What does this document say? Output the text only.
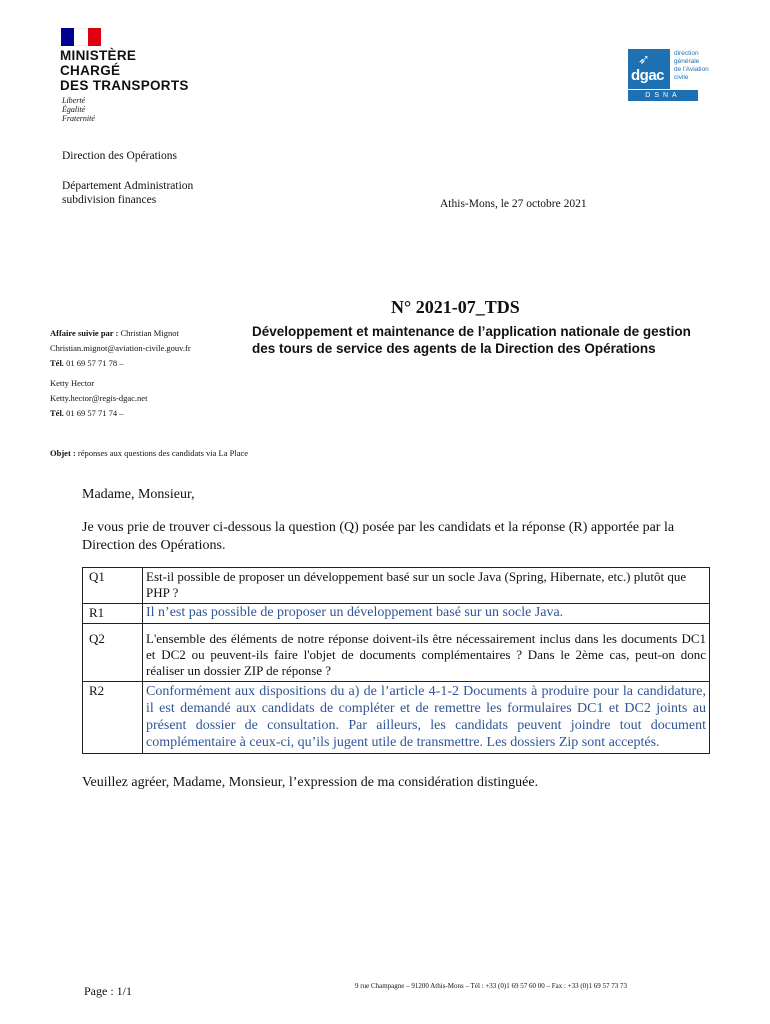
MINISTÈRE
CHARGÉ
DES TRANSPORTS
Liberté
Égalité
Fraternité
➶
dgac
direction
générale
de l'Aviation
civile
DSNA
Direction des Opérations
Département Administration
subdivision finances	Athis-Mons, le 27 octobre 2021
N° 2021-07_TDS
Développement et maintenance de l’application nationale de gestion des tours de service des agents de la Direction des Opérations
Affaire suivie par : Christian Mignot
Christian.mignot@aviation-civile.gouv.fr
Tél. 01 69 57 71 78 –
Ketty Hector
Ketty.hector@regis-dgac.net
Tél. 01 69 57 71 74 –
Objet : réponses aux questions des candidats via La Place
Madame, Monsieur,
Je vous prie de trouver ci-dessous la question (Q) posée par les candidats et la réponse (R) apportée par la Direction des Opérations.
Q1	Est-il possible de proposer un développement basé sur un socle Java (Spring, Hibernate, etc.) plutôt que PHP ?
R1	Il n’est pas possible de proposer un développement basé sur un socle Java.
Q2	L'ensemble des éléments de notre réponse doivent-ils être nécessairement inclus dans les documents DC1 et DC2 ou peuvent-ils faire l'objet de documents complémentaires ? Dans le 2ème cas, peut-on donc réaliser un dossier ZIP de réponse ?
R2	Conformément aux dispositions du a) de l’article 4-1-2 Documents à produire pour la candidature, il est demandé aux candidats de compléter et de remettre les formulaires DC1 et DC2 joints au présent dossier de consultation. Par ailleurs, les candidats peuvent joindre tout document complémentaire à ceux-ci, qu’ils jugent utile de transmettre. Les dossiers Zip sont acceptés.
Veuillez agréer, Madame, Monsieur, l’expression de ma considération distinguée.
Page : 1/1	9 rue Champagne – 91200 Athis-Mons – Tél : +33 (0)1 69 57 60 00 – Fax : +33 (0)1 69 57 73 73
